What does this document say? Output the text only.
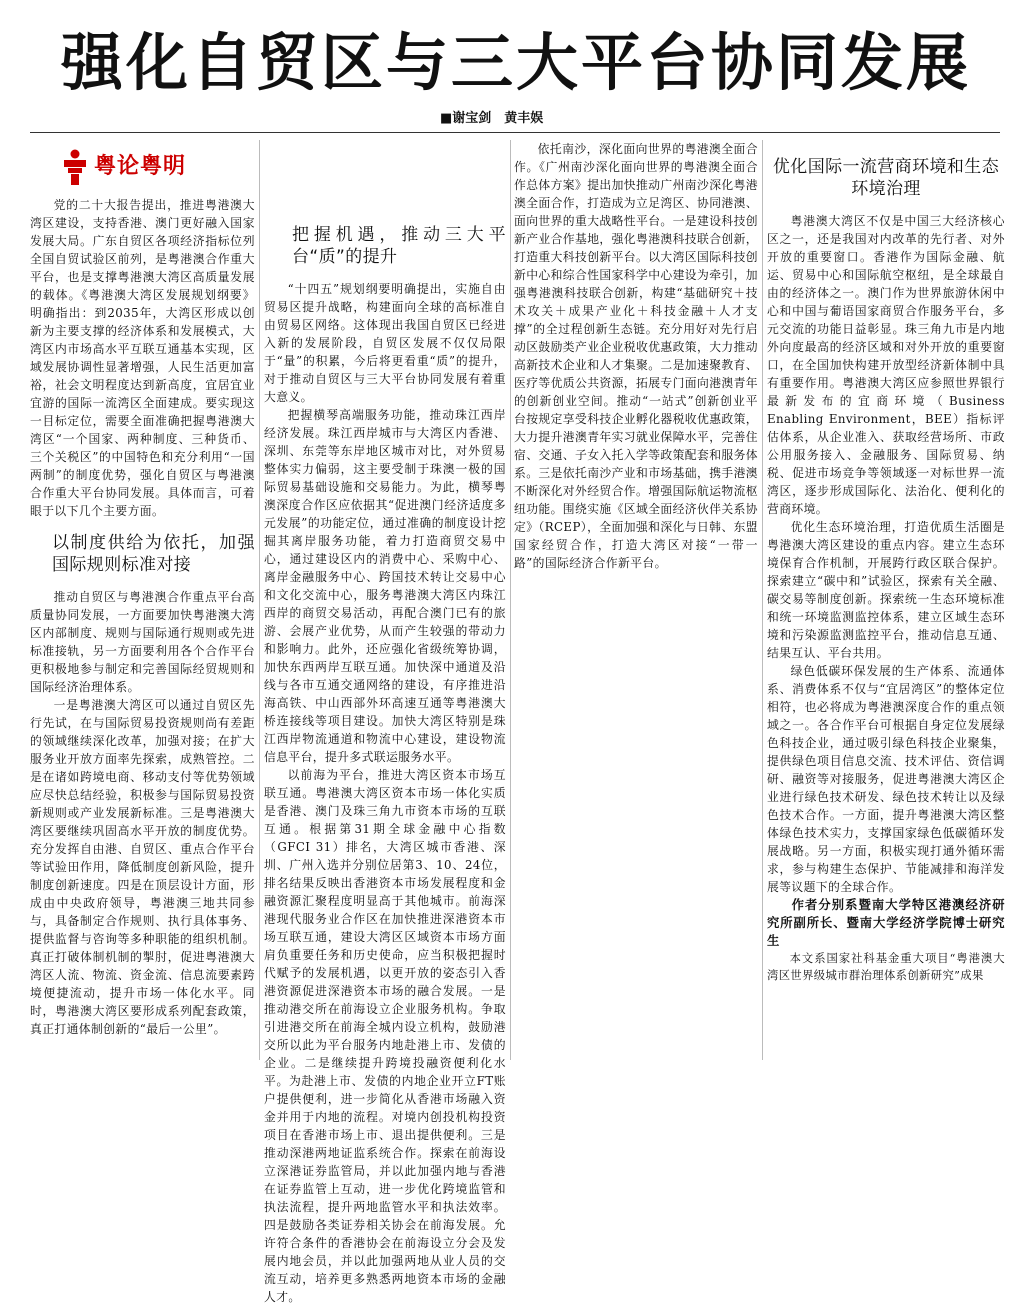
强化自贸区与三大平台协同发展
■谢宝剑　黄丰娱
粤论粤明

党的二十大报告提出，推进粤港澳大湾区建设，支持香港、澳门更好融入国家发展大局。广东自贸区各项经济指标位列全国自贸试验区前列，是粤港澳合作重大平台，也是支撑粤港澳大湾区高质量发展的载体。《粤港澳大湾区发展规划纲要》明确指出：到2035年，大湾区形成以创新为主要支撑的经济体系和发展模式，大湾区内市场高水平互联互通基本实现，区域发展协调性显著增强，人民生活更加富裕，社会文明程度达到新高度，宜居宜业宜游的国际一流湾区全面建成。要实现这一目标定位，需要全面准确把握粤港澳大湾区“一个国家、两种制度、三种货币、三个关税区”的中国特色和充分利用“一国两制”的制度优势，强化自贸区与粤港澳合作重大平台协同发展。具体而言，可着眼于以下几个主要方面。

以制度供给为依托，加强国际规则标准对接

推动自贸区与粤港澳合作重点平台高质量协同发展，一方面要加快粤港澳大湾区内部制度、规则与国际通行规则或先进标准接轨，另一方面要利用各个合作平台更积极地参与制定和完善国际经贸规则和国际经济治理体系。

一是粤港澳大湾区可以通过自贸区先行先试，在与国际贸易投资规则尚有差距的领域继续深化改革，加强对接；在扩大服务业开放方面率先探索，成熟管控。二是在诸如跨境电商、移动支付等优势领域应尽快总结经验，积极参与国际贸易投资新规则或产业发展新标准。三是粤港澳大湾区要继续巩固高水平开放的制度优势。充分发挥自由港、自贸区、重点合作平台等试验田作用，降低制度创新风险，提升制度创新速度。四是在顶层设计方面，形成由中央政府领导，粤港澳三地共同参与，具备制定合作规则、执行具体事务、提供监督与咨询等多种职能的组织机制。真正打破体制机制的掣肘，促进粤港澳大湾区人流、物流、资金流、信息流要素跨境便捷流动，提升市场一体化水平。同时，粤港澳大湾区要形成系列配套政策，真正打通体制创新的“最后一公里”。

把握机遇，推动三大平台“质”的提升

“十四五”规划纲要明确提出，实施自由贸易区提升战略，构建面向全球的高标准自由贸易区网络。这体现出我国自贸区已经进入新的发展阶段，自贸区发展不仅仅局限于“量”的积累，今后将更看重“质”的提升，对于推动自贸区与三大平台协同发展有着重大意义。

把握横琴高端服务功能，推动珠江西岸经济发展。珠江西岸城市与大湾区内香港、深圳、东莞等东岸地区城市对比，对外贸易整体实力偏弱，这主要受制于珠澳一极的国际贸易基础设施和交易能力。为此，横琴粤澳深度合作区应依据其“促进澳门经济适度多元发展”的功能定位，通过准确的制度设计挖掘其离岸服务功能，着力打造商贸交易中心，通过建设区内的消费中心、采购中心、离岸金融服务中心、跨国技术转让交易中心和文化交流中心，服务粤港澳大湾区内珠江西岸的商贸交易活动，再配合澳门已有的旅游、会展产业优势，从而产生较强的带动力和影响力。此外，还应强化省级统筹协调，加快东西两岸互联互通。加快深中通道及沿线与各市互通交通网络的建设，有序推进沿海高铁、中山西部外环高速互通等粤港澳大桥连接线等项目建设。加快大湾区特别是珠江西岸物流通道和物流中心建设，建设物流信息平台，提升多式联运服务水平。

以前海为平台，推进大湾区资本市场互联互通。粤港澳大湾区资本市场一体化实质是香港、澳门及珠三角九市资本市场的互联互通。根据第31期全球金融中心指数（GFCI 31）排名，大湾区城市香港、深圳、广州入选并分别位居第3、10、24位，排名结果反映出香港资本市场发展程度和金融资源汇聚程度明显高于其他城市。前海深港现代服务业合作区在加快推进深港资本市场互联互通，建设大湾区区域资本市场方面肩负重要任务和历史使命，应当积极把握时代赋予的发展机遇，以更开放的姿态引入香港资源促进深港资本市场的融合发展。一是推动港交所在前海设立企业服务机构。争取引进港交所在前海全城内设立机构，鼓励港交所以此为平台服务内地赴港上市、发债的企业。二是继续提升跨境投融资便利化水平。为赴港上市、发债的内地企业开立FT账户提供便利，进一步简化从香港市场融入资金并用于内地的流程。对境内创投机构投资项目在香港市场上市、退出提供便利。三是推动深港两地证监系统合作。探索在前海设立深港证券监管局，并以此加强内地与香港在证券监管上互动，进一步优化跨境监管和执法流程，提升两地监管水平和执法效率。四是鼓励各类证券相关协会在前海发展。允许符合条件的香港协会在前海设立分会及发展内地会员，并以此加强两地从业人员的交流互动，培养更多熟悉两地资本市场的金融人才。

依托南沙，深化面向世界的粤港澳全面合作。《广州南沙深化面向世界的粤港澳全面合作总体方案》提出加快推动广州南沙深化粤港澳全面合作，打造成为立足湾区、协同港澳、面向世界的重大战略性平台。一是建设科技创新产业合作基地，强化粤港澳科技联合创新，打造重大科技创新平台。以大湾区国际科技创新中心和综合性国家科学中心建设为牵引，加强粤港澳科技联合创新，构建“基础研究＋技术攻关＋成果产业化＋科技金融＋人才支撑”的全过程创新生态链。充分用好对先行启动区鼓励类产业企业税收优惠政策，大力推动高新技术企业和人才集聚。二是加速聚教育、医疗等优质公共资源，拓展专门面向港澳青年的创新创业空间。推动“一站式”创新创业平台按规定享受科技企业孵化器税收优惠政策，大力提升港澳青年实习就业保障水平，完善住宿、交通、子女入托入学等政策配套和服务体系。三是依托南沙产业和市场基础，携手港澳不断深化对外经贸合作。增强国际航运物流枢纽功能。围绕实施《区域全面经济伙伴关系协定》（RCEP），全面加强和深化与日韩、东盟国家经贸合作，打造大湾区对接“一带一路”的国际经济合作新平台。

优化国际一流营商环境和生态环境治理

粤港澳大湾区不仅是中国三大经济核心区之一，还是我国对内改革的先行者、对外开放的重要窗口。香港作为国际金融、航运、贸易中心和国际航空枢纽，是全球最自由的经济体之一。澳门作为世界旅游休闲中心和中国与葡语国家商贸合作服务平台，多元交流的功能日益彰显。珠三角九市是内地外向度最高的经济区域和对外开放的重要窗口，在全国加快构建开放型经济新体制中具有重要作用。粤港澳大湾区应参照世界银行最新发布的宜商环境（Business Enabling Environment，BEE）指标评估体系，从企业准入、获取经营场所、市政公用服务接入、金融服务、国际贸易、纳税、促进市场竞争等领域逐一对标世界一流湾区，逐步形成国际化、法治化、便利化的营商环境。

优化生态环境治理，打造优质生活圈是粤港澳大湾区建设的重点内容。建立生态环境保育合作机制，开展跨行政区联合保护。探索建立“碳中和”试验区，探索有关全融、碳交易等制度创新。探索统一生态环境标准和统一环境监测监控体系，建立区域生态环境和污染源监测监控平台，推动信息互通、结果互认、平台共用。

绿色低碳环保发展的生产体系、流通体系、消费体系不仅与“宜居湾区”的整体定位相符，也必将成为粤港澳深度合作的重点领域之一。各合作平台可根据自身定位发展绿色科技企业，通过吸引绿色科技企业聚集，提供绿色项目信息交流、技术评估、资信调研、融资等对接服务，促进粤港澳大湾区企业进行绿色技术研发、绿色技术转让以及绿色技术合作。一方面，提升粤港澳大湾区整体绿色技术实力，支撑国家绿色低碳循环发展战略。另一方面，积极实现打通外循环需求，参与构建生态保护、节能减排和海洋发展等议题下的全球合作。

作者分别系暨南大学特区港澳经济研究所副所长、暨南大学经济学院博士研究生

本文系国家社科基金重大项目“粤港澳大湾区世界级城市群治理体系创新研究”成果
